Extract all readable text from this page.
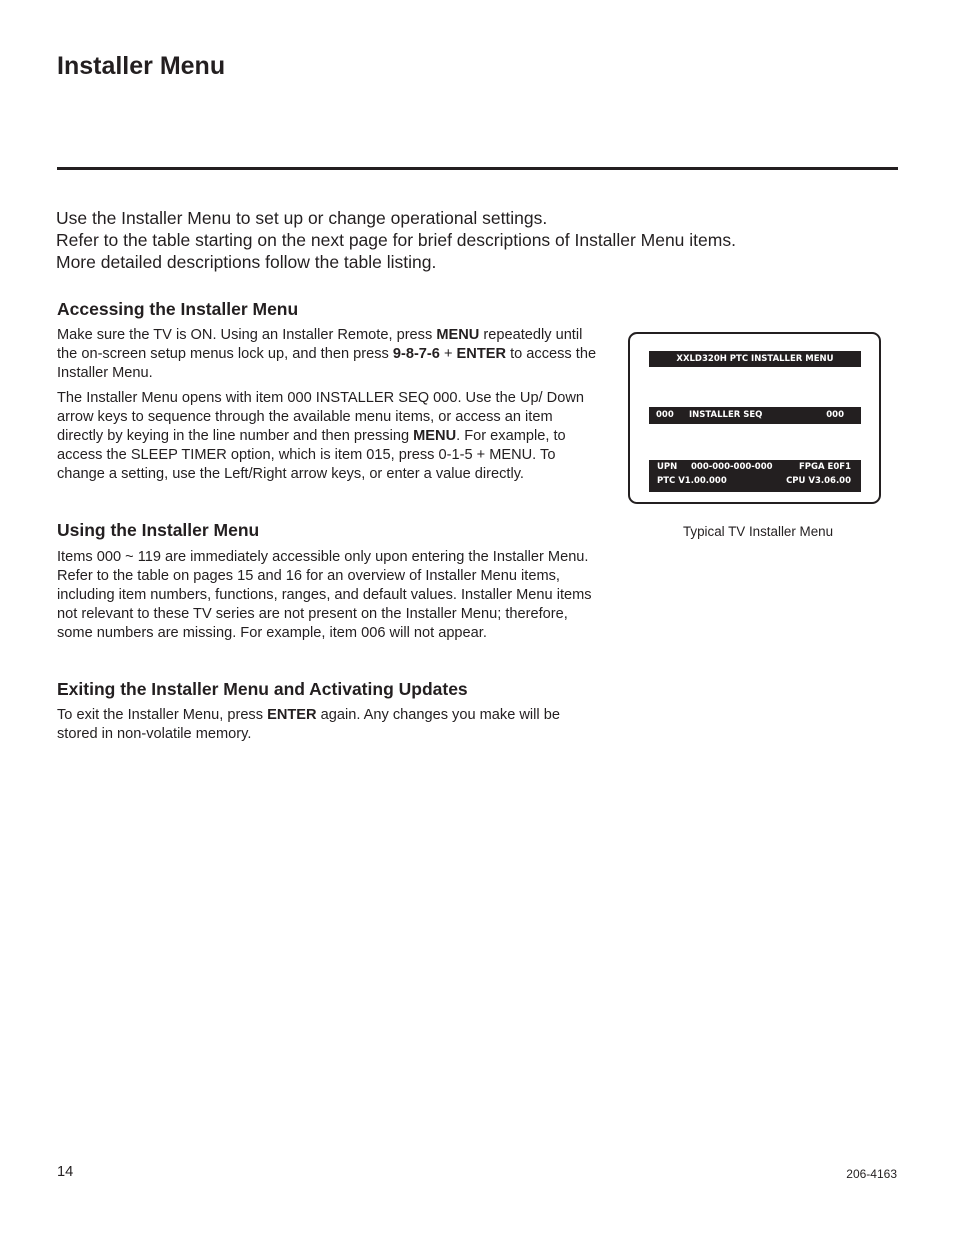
Installer Menu

Use the Installer Menu to set up or change operational settings.

Refer to the table starting on the next page for brief descriptions of Installer Menu items. More detailed descriptions follow the table listing.

Accessing the Installer Menu

Make sure the TV is ON. Using an Installer Remote, press MENU repeatedly until the on-screen setup menus lock up, and then press 9-8-7-6 + ENTER to access the Installer Menu.

The Installer Menu opens with item 000 INSTALLER SEQ 000. Use the Up/ Down arrow keys to sequence through the available menu items, or access an item directly by keying in the line number and then pressing MENU. For example, to access the SLEEP TIMER option, which is item 015, press 0-1-5 + MENU. To change a setting, use the Left/Right arrow keys, or enter a value directly.

Using the Installer Menu

Items 000 ~ 119 are immediately accessible only upon entering the Installer Menu. Refer to the table on pages 15 and 16 for an overview of Installer Menu items, including item numbers, functions, ranges, and default values. Installer Menu items not relevant to these TV series are not present on the Installer Menu; therefore, some numbers are missing. For example, item 006 will not appear.

Exiting the Installer Menu and Activating Updates

To exit the Installer Menu, press ENTER again. Any changes you make will be stored in non-volatile memory.

XXLD320H PTC INSTALLER MENU
000 INSTALLER SEQ	000
UPN 000-000-000-000	FPGA E0F1
PTC V1.00.000	CPU V3.06.00

Typical TV Installer Menu

14	206-4163
